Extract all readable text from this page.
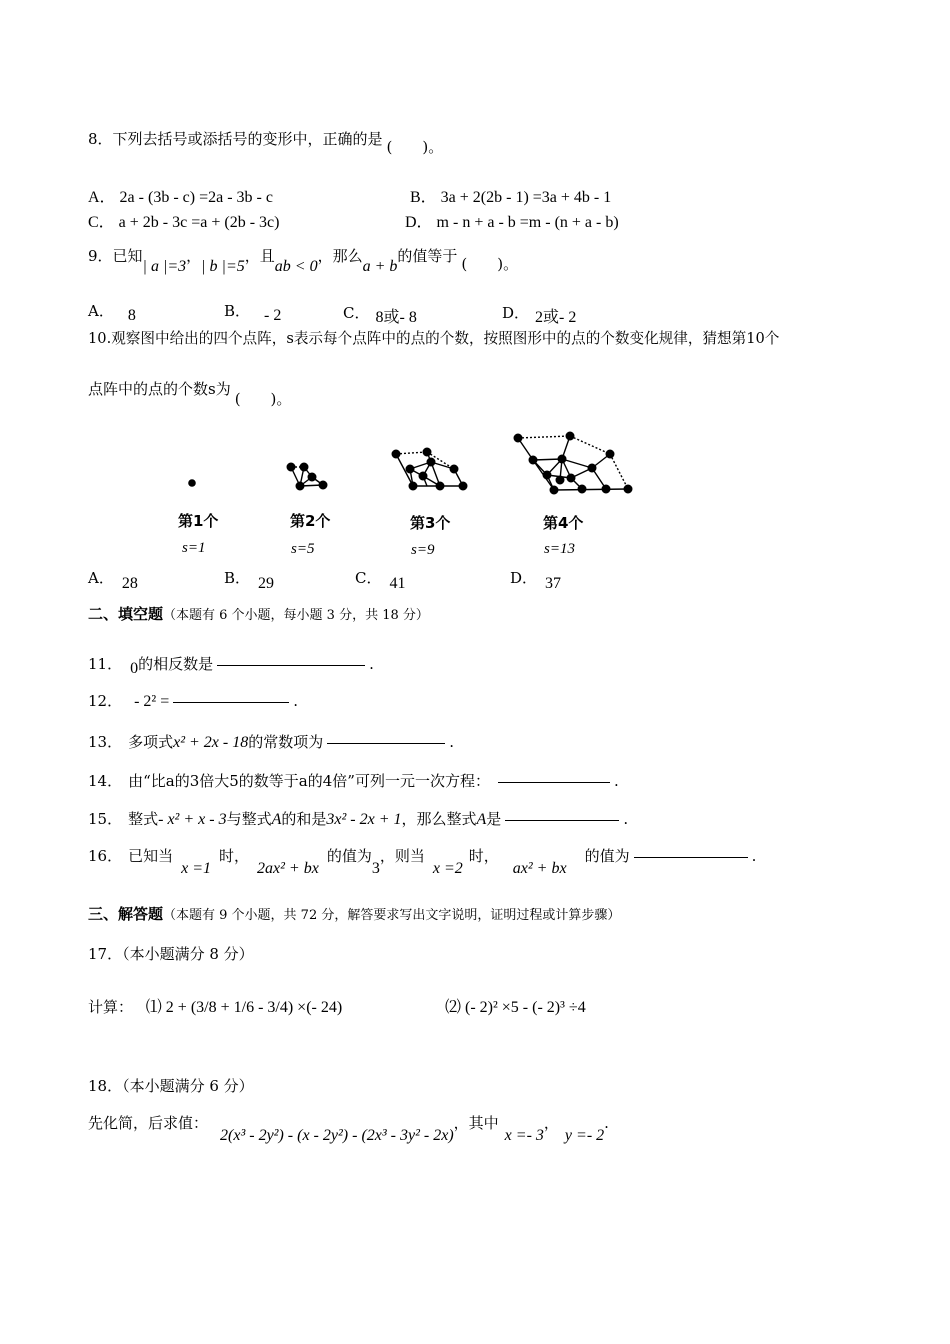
8．下列去括号或添括号的变形中，正确的是 (　　)。
A． 2a - (3b - c) =2a - 3b - c	B． 3a + 2(2b - 1) =3a + 4b - 1
C． a + 2b - 3c =a + (2b - 3c)	D． m - n + a - b =m - (n + a - b)
9．已知| a |=3，| b |=5，且ab < 0，那么a + b的值等于 (　　)。
A． 8	B． - 2	C． 8或- 8	D． 2或- 2
10.观察图中给出的四个点阵，s表示每个点阵中的点的个数，按照图形中的点的个数变化规律，猜想第10个
点阵中的点的个数s为(　　)。
第1个	第2个	第3个	第4个
s=1	s=5	s=9	s=13
A． 28	B． 29	C． 41	D． 37
二、填空题（本题有 6 个小题，每小题 3 分，共 18 分）
11． 0的相反数是	.
12． - 2² =	.
13． 多项式x² + 2x - 18的常数项为	.
14． 由“比a的3倍大5的数等于a的4倍”可列一元一次方程：	.
15． 整式- x² + x - 3与整式A的和是3x² - 2x + 1，那么整式A是	.
16． 已知当x =1时，2ax² + bx的值为3，则当x =2时，ax² + bx的值为	.
三、解答题（本题有 9 个小题，共 72 分，解答要求写出文字说明，证明过程或计算步骤）
17．（本小题满分 8 分）
计算： ⑴ 2 + (3/8 + 1/6 - 3/4) ×(- 24)	⑵ (- 2)² ×5 - (- 2)³ ÷4
18．（本小题满分 6 分）
先化简，后求值：2(x³ - 2y²) - (x - 2y²) - (2x³ - 3y² - 2x)，其中x =- 3，y =- 2.
